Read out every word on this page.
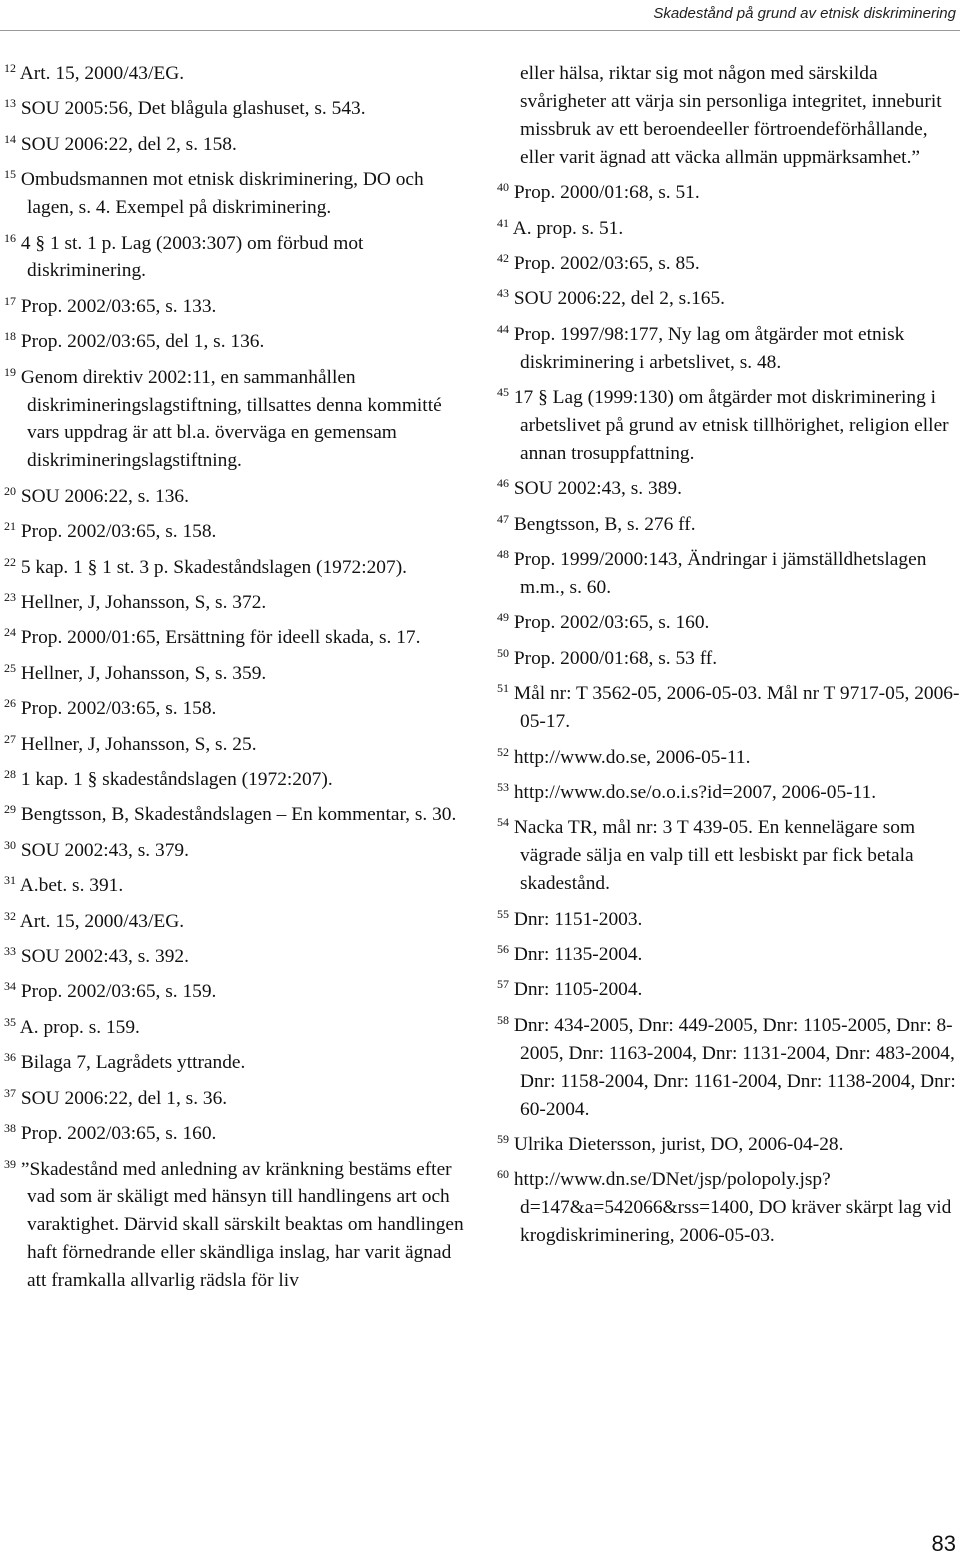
Skadestånd på grund av etnisk diskriminering
$^{12}$ Art. 15, 2000/43/EG.
$^{13}$ SOU 2005:56, Det blågula glashuset, s. 543.
$^{14}$ SOU 2006:22, del 2, s. 158.
$^{15}$ Ombudsmannen mot etnisk diskriminering, DO och lagen, s. 4. Exempel på diskriminering.
$^{16}$ 4 § 1 st. 1 p. Lag (2003:307) om förbud mot diskriminering.
$^{17}$ Prop. 2002/03:65, s. 133.
$^{18}$ Prop. 2002/03:65, del 1, s. 136.
$^{19}$ Genom direktiv 2002:11, en sammanhållen diskrimineringslagstiftning, tillsattes denna kommitté vars uppdrag är att bl.a. överväga en gemensam diskrimineringslagstiftning.
$^{20}$ SOU 2006:22, s. 136.
$^{21}$ Prop. 2002/03:65, s. 158.
$^{22}$ 5 kap. 1 § 1 st. 3 p. Skadeståndslagen (1972:207).
$^{23}$ Hellner, J, Johansson, S, s. 372.
$^{24}$ Prop. 2000/01:65, Ersättning för ideell skada, s. 17.
$^{25}$ Hellner, J, Johansson, S, s. 359.
$^{26}$ Prop. 2002/03:65, s. 158.
$^{27}$ Hellner, J, Johansson, S, s. 25.
$^{28}$ 1 kap. 1 § skadeståndslagen (1972:207).
$^{29}$ Bengtsson, B, Skadeståndslagen – En kommentar, s. 30.
$^{30}$ SOU 2002:43, s. 379.
$^{31}$ A.bet. s. 391.
$^{32}$ Art. 15, 2000/43/EG.
$^{33}$ SOU 2002:43, s. 392.
$^{34}$ Prop. 2002/03:65, s. 159.
$^{35}$ A. prop. s. 159.
$^{36}$ Bilaga 7, Lagrådets yttrande.
$^{37}$ SOU 2006:22, del 1, s. 36.
$^{38}$ Prop. 2002/03:65, s. 160.
$^{39}$ ”Skadestånd med anledning av kränkning bestäms efter vad som är skäligt med hänsyn till handlingens art och varaktighet. Därvid skall särskilt beaktas om handlingen haft förnedrande eller skändliga inslag, har varit ägnad att framkalla allvarlig rädsla för liv
eller hälsa, riktar sig mot någon med särskilda svårigheter att värja sin personliga integritet, inneburit missbruk av ett beroendeeller förtroendeförhållande, eller varit ägnad att väcka allmän uppmärksamhet.”
$^{40}$ Prop. 2000/01:68, s. 51.
$^{41}$ A. prop. s. 51.
$^{42}$ Prop. 2002/03:65, s. 85.
$^{43}$ SOU 2006:22, del 2, s.165.
$^{44}$ Prop. 1997/98:177, Ny lag om åtgärder mot etnisk diskriminering i arbetslivet, s. 48.
$^{45}$ 17 § Lag (1999:130) om åtgärder mot diskriminering i arbetslivet på grund av etnisk tillhörighet, religion eller annan trosuppfattning.
$^{46}$ SOU 2002:43, s. 389.
$^{47}$ Bengtsson, B, s. 276 ff.
$^{48}$ Prop. 1999/2000:143, Ändringar i jämställdhetslagen m.m., s. 60.
$^{49}$ Prop. 2002/03:65, s. 160.
$^{50}$ Prop. 2000/01:68, s. 53 ff.
$^{51}$ Mål nr: T 3562-05, 2006-05-03. Mål nr T 9717-05, 2006-05-17.
$^{52}$ http://www.do.se, 2006-05-11.
$^{53}$ http://www.do.se/o.o.i.s?id=2007, 2006-05-11.
$^{54}$ Nacka TR, mål nr: 3 T 439-05. En kennelägare som vägrade sälja en valp till ett lesbiskt par fick betala skadestånd.
$^{55}$ Dnr: 1151-2003.
$^{56}$ Dnr: 1135-2004.
$^{57}$ Dnr: 1105-2004.
$^{58}$ Dnr: 434-2005, Dnr: 449-2005, Dnr: 1105-2005, Dnr: 8-2005, Dnr: 1163-2004, Dnr: 1131-2004, Dnr: 483-2004, Dnr: 1158-2004, Dnr: 1161-2004, Dnr: 1138-2004, Dnr: 60-2004.
$^{59}$ Ulrika Dietersson, jurist, DO, 2006-04-28.
$^{60}$ http://www.dn.se/DNet/jsp/polopoly.jsp?d=147&a=542066&rss=1400, DO kräver skärpt lag vid krogdiskriminering, 2006-05-03.
83
